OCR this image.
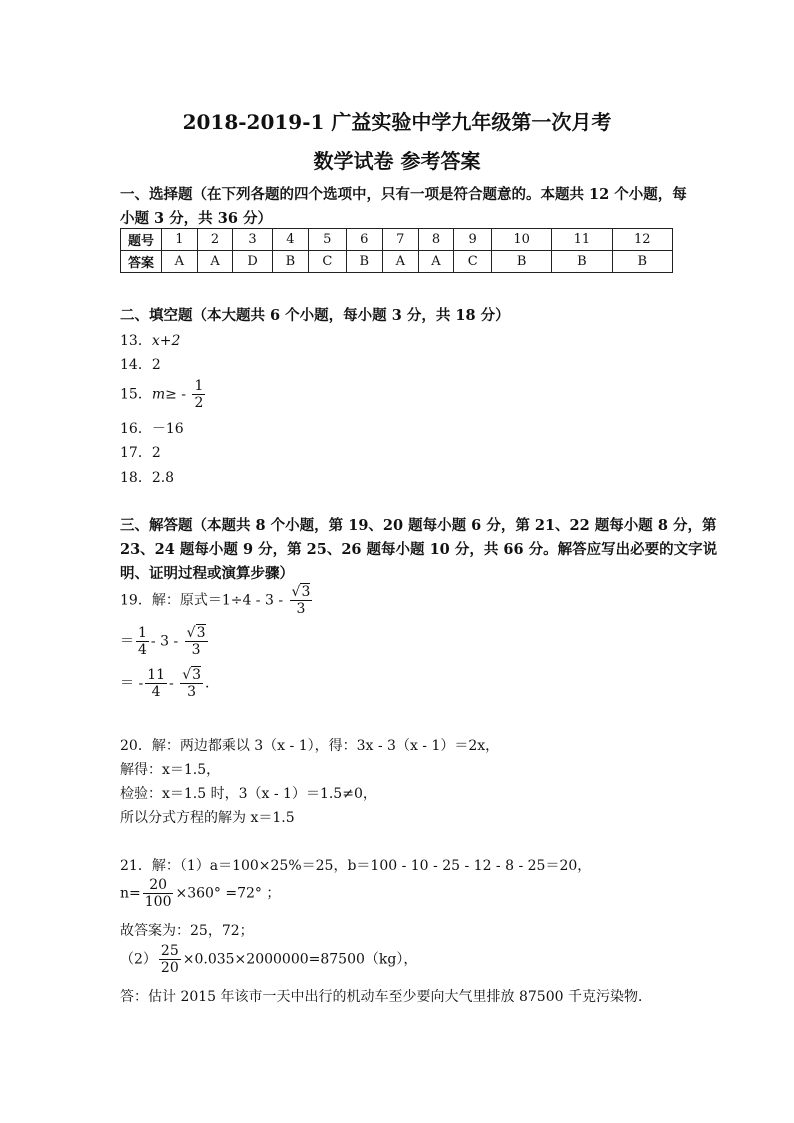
2018-2019-1 广益实验中学九年级第一次月考
数学试卷 参考答案
一、选择题（在下列各题的四个选项中，只有一项是符合题意的。本题共 12 个小题，每
小题 3 分，共 36 分）
题号	1	2	3	4	5	6	7	8	9	10	11	12
答案	A	A	D	B	C	B	A	A	C	B	B	B
二、填空题（本大题共 6 个小题，每小题 3 分，共 18 分）
13．x+2
14．2
15．$m\ge - \frac{1}{2}$
16．－16
17．2
18．2.8
三、解答题（本题共 8 个小题，第 19、20 题每小题 6 分，第 21、22 题每小题 8 分，第
23、24 题每小题 9 分，第 25、26 题每小题 10 分，共 66 分。解答应写出必要的文字说
明、证明过程或演算步骤）
19．解：原式$=1\div 4 - 3 - \frac{√3}{3}$
＝ $\frac{1}{4} - 3 - \frac{√3}{3}$
＝ - $\frac{11}{4} - \frac{√3}{3}$ .
20．解：两边都乘以 3（x - 1），得：3x - 3（x - 1）＝2x，
解得：x＝1.5，
检验：x＝1.5 时，3（x - 1）＝1.5≠0，
所以分式方程的解为 x＝1.5
21．解：（1）a＝100×25%＝25，b＝100 - 10 - 25 - 12 - 8 - 25＝20，
$n= \frac{20}{100} \times 360^\circ =72^\circ$ ；
故答案为：25，72；
$(2) \frac{25}{20} \times 0.035\times 2000000=87500(kg)$，
答：估计 2015 年该市一天中出行的机动车至少要向大气里排放 87500 千克污染物．
